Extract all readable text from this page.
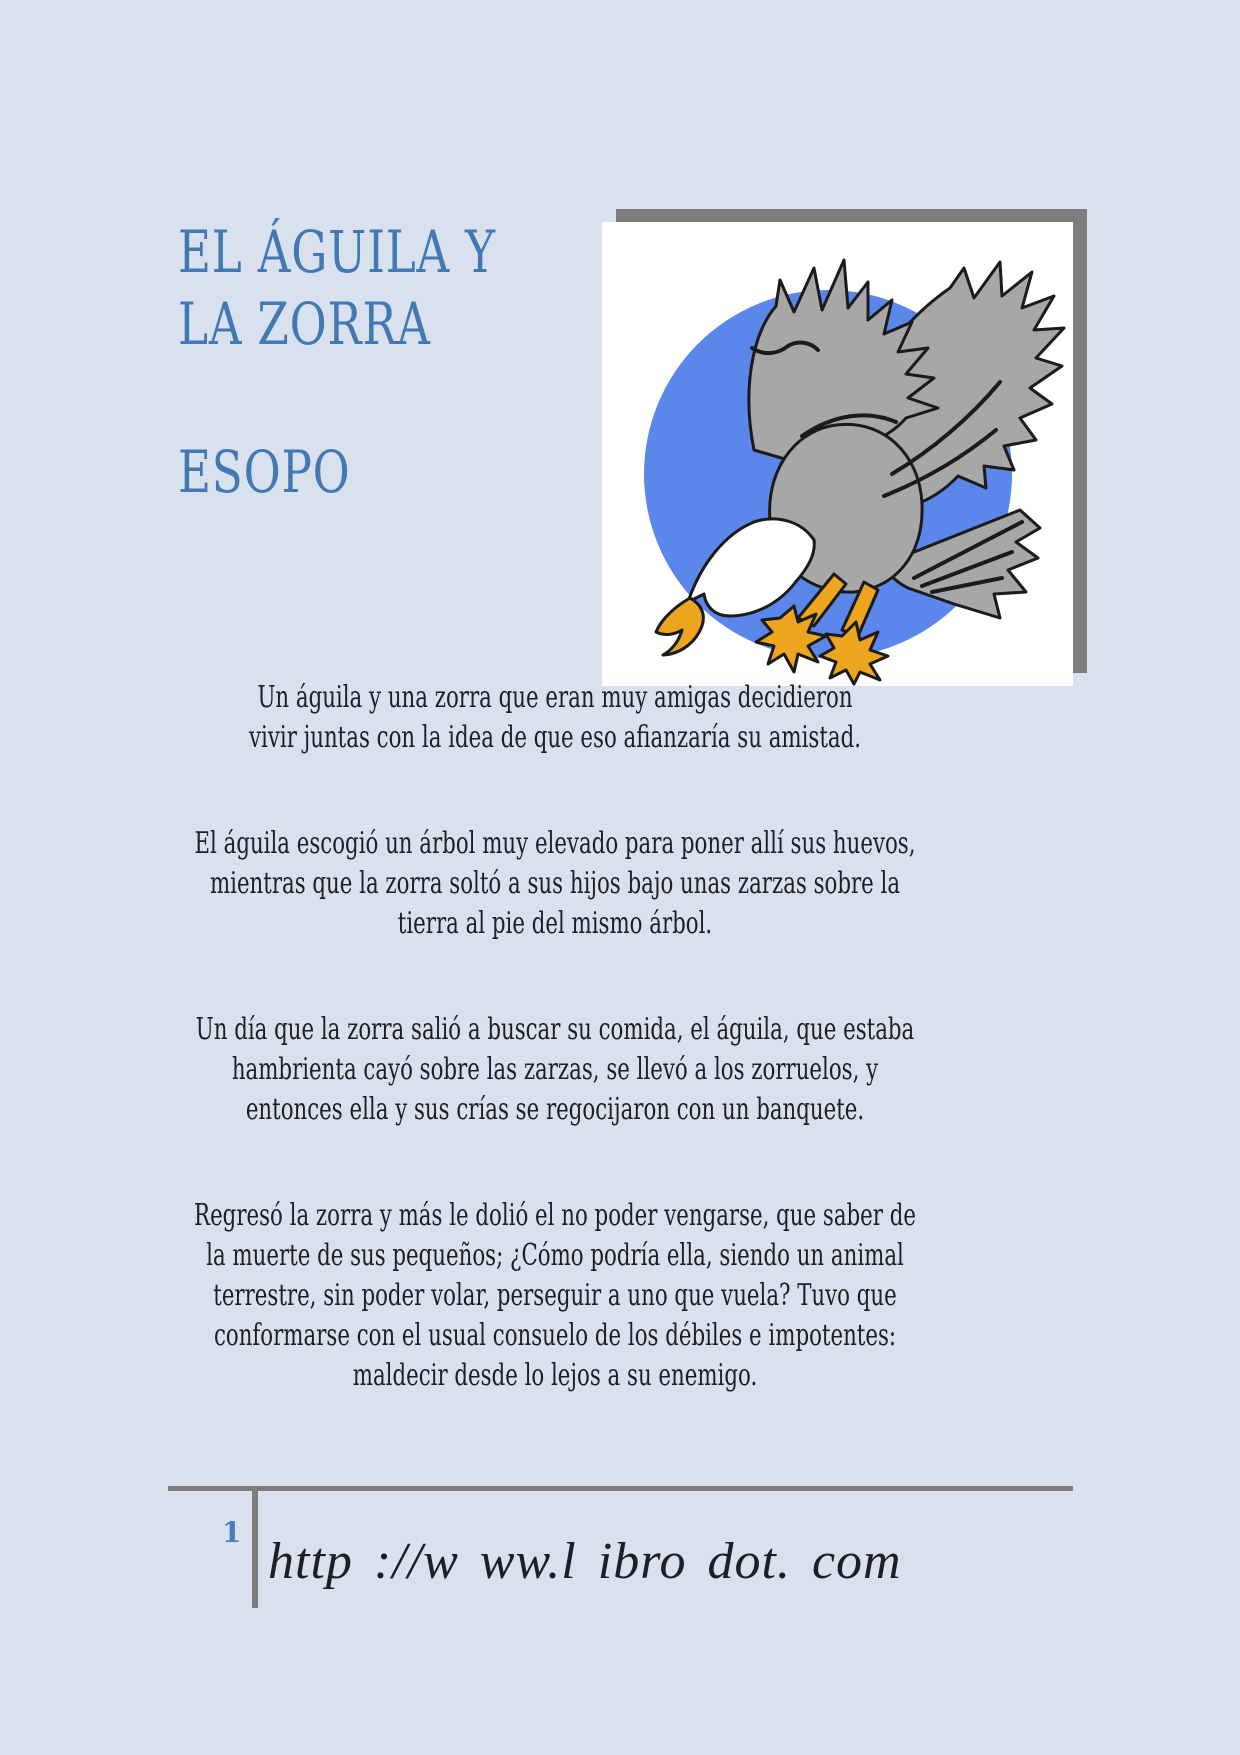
EL ÁGUILA Y
LA ZORRA
ESOPO

Un águila y una zorra que eran muy amigas decidieron
vivir juntas con la idea de que eso afianzaría su amistad.

El águila escogió un árbol muy elevado para poner allí sus huevos,
mientras que la zorra soltó a sus hijos bajo unas zarzas sobre la
tierra al pie del mismo árbol.

Un día que la zorra salió a buscar su comida, el águila, que estaba
hambrienta cayó sobre las zarzas, se llevó a los zorruelos, y
entonces ella y sus crías se regocijaron con un banquete.

Regresó la zorra y más le dolió el no poder vengarse, que saber de
la muerte de sus pequeños; ¿Cómo podría ella, siendo un animal
terrestre, sin poder volar, perseguir a uno que vuela? Tuvo que
conformarse con el usual consuelo de los débiles e impotentes:
maldecir desde lo lejos a su enemigo.

1
http ://w ww.l ibro dot. com
